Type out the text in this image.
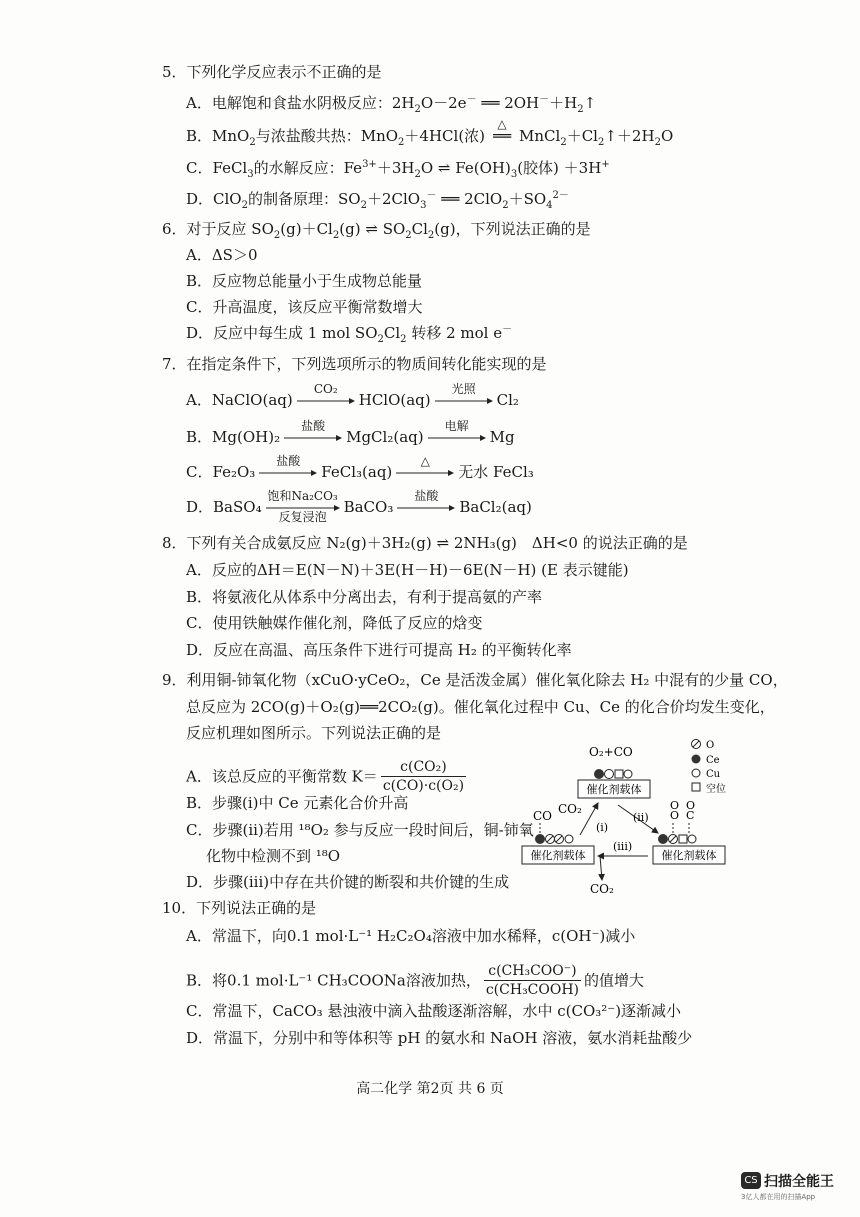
5．下列化学反应表示不正确的是
A．电解饱和食盐水阴极反应：$2H_2O-2e^-$ ══ $2OH^-+H_2↑$
B．MnO$_2$与浓盐酸共热：MnO$_2$＋4HCl(浓)
△
══ $MnCl_2+Cl_2↑+2H_2O$
C．FeCl$_3$的水解反应：$Fe^{3+}+3H_2O$ ⇌ $Fe(OH)_3$(胶体) ＋3H+
D．ClO$_2$的制备原理：$SO_2+2ClO_3^-$ ══ $2ClO_2+SO_4^{2-}$
6．对于反应 $SO_2(g)+Cl_2(g)$ ⇌ $SO_2Cl_2(g)$，下列说法正确的是
A．ΔS＞0
B．反应物总能量小于生成物总能量
C．升高温度，该反应平衡常数增大
D．反应中每生成 1 mol $SO_2Cl_2$ 转移 2 mol e－
7．在指定条件下，下列选项所示的物质间转化能实现的是
A．NaClO(aq)
CO₂
HClO(aq)
光照
Cl₂
B．Mg(OH)₂
盐酸
MgCl₂(aq)
电解
Mg
C．Fe₂O₃
盐酸
FeCl₃(aq)
△
无水 FeCl₃
D．BaSO₄
饱和Na₂CO₃
反复浸泡
BaCO₃
盐酸
BaCl₂(aq)
8．下列有关合成氨反应 N₂(g)＋3H₂(g) ⇌ 2NH₃(g)　ΔH<0 的说法正确的是
A．反应的ΔH＝E(N－N)＋3E(H－H)－6E(N－H) (E 表示键能)
B．将氨液化从体系中分离出去，有利于提高氨的产率
C．使用铁触媒作催化剂，降低了反应的焓变
D．反应在高温、高压条件下进行可提高 H₂ 的平衡转化率
9．利用铜-铈氧化物（xCuO·yCeO₂，Ce 是活泼金属）催化氧化除去 H₂ 中混有的少量 CO，
总反应为 2CO(g)＋O₂(g)══2CO₂(g)。催化氧化过程中 Cu、Ce 的化合价均发生变化，
反应机理如图所示。下列说法正确的是
A．该总反应的平衡常数 $K= \frac{\text{c(CO₂)}}{\text{c(CO)·c(O₂)}}$
B．步骤(i)中 Ce 元素化合价升高
C．步骤(ii)若用 ¹⁸O₂ 参与反应一段时间后，铜-铈氧
化物中检测不到 ¹⁸O
D．步骤(iii)中存在共价键的断裂和共价键的生成
O₂+CO
催化剂载体
O
Ce
Cu
空位
CO
催化剂载体
CO₂	O
O
O
C
催化剂载体
(ii)
(iii)
(i)
CO₂
10．下列说法正确的是
A．常温下，向0.1 mol·L⁻¹ H₂C₂O₄溶液中加水稀释，c(OH⁻)减小
B．将0.1 mol·L⁻¹ CH₃COONa溶液加热， $\frac{\text{c(CH₃COO⁻)}}{\text{c(CH₃COOH)}}$ 的值增大
C．常温下，CaCO₃ 悬浊液中滴入盐酸逐渐溶解，水中 c(CO₃²⁻)逐渐减小
D．常温下，分别中和等体积等 pH 的氨水和 NaOH 溶液，氨水消耗盐酸少
高二化学 第2页 共 6 页
CS 扫描全能王
3亿人都在用的扫描App
